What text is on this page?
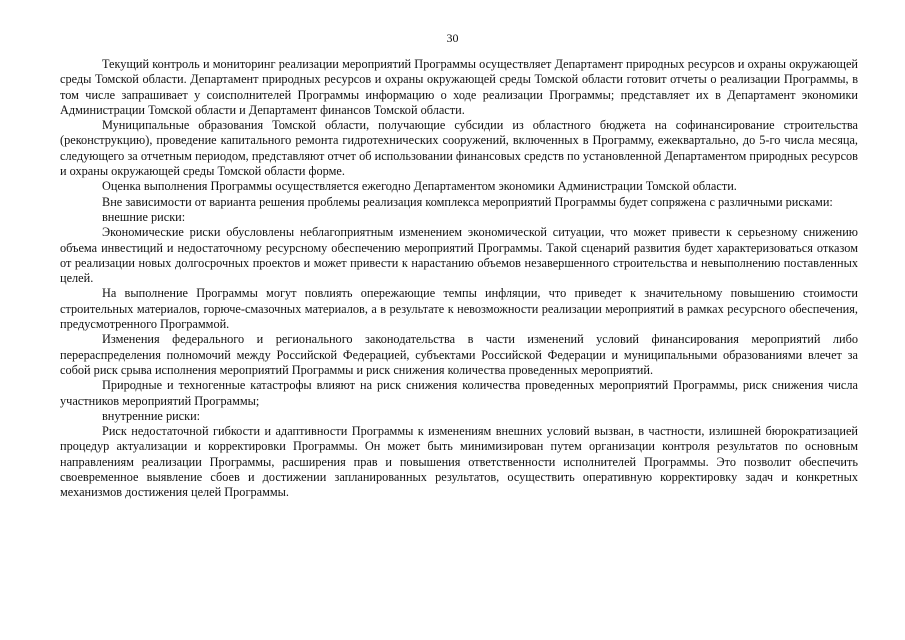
30

Текущий контроль и мониторинг реализации мероприятий Программы осуществляет Департамент природных ресурсов и охраны окружающей среды Томской области. Департамент природных ресурсов и охраны окружающей среды Томской области готовит отчеты о реализации Программы, в том числе запрашивает у соисполнителей Программы информацию о ходе реализации Программы; представляет их в Департамент экономики Администрации Томской области и Департамент финансов Томской области.

Муниципальные образования Томской области, получающие субсидии из областного бюджета на софинансирование строительства (реконструкцию), проведение капитального ремонта гидротехнических сооружений, включенных в Программу, ежеквартально, до 5-го числа месяца, следующего за отчетным периодом, представляют отчет об использовании финансовых средств по установленной Департаментом природных ресурсов и охраны окружающей среды Томской области форме.

Оценка выполнения Программы осуществляется ежегодно Департаментом экономики Администрации Томской области.

Вне зависимости от варианта решения проблемы реализация комплекса мероприятий Программы будет сопряжена с различными рисками:

внешние риски:

Экономические риски обусловлены неблагоприятным изменением экономической ситуации, что может привести к серьезному снижению объема инвестиций и недостаточному ресурсному обеспечению мероприятий Программы. Такой сценарий развития будет характеризоваться отказом от реализации новых долгосрочных проектов и может привести к нарастанию объемов незавершенного строительства и невыполнению поставленных целей.

На выполнение Программы могут повлиять опережающие темпы инфляции, что приведет к значительному повышению стоимости строительных материалов, горюче-смазочных материалов, а в результате к невозможности реализации мероприятий в рамках ресурсного обеспечения, предусмотренного Программой.

Изменения федерального и регионального законодательства в части изменений условий финансирования мероприятий либо перераспределения полномочий между Российской Федерацией, субъектами Российской Федерации и муниципальными образованиями влечет за собой риск срыва исполнения мероприятий Программы и риск снижения количества проведенных мероприятий.

Природные и техногенные катастрофы влияют на риск снижения количества проведенных мероприятий Программы, риск снижения числа участников мероприятий Программы;

внутренние риски:

Риск недостаточной гибкости и адаптивности Программы к изменениям внешних условий вызван, в частности, излишней бюрократизацией процедур актуализации и корректировки Программы. Он может быть минимизирован путем организации контроля результатов по основным направлениям реализации Программы, расширения прав и повышения ответственности исполнителей Программы. Это позволит обеспечить своевременное выявление сбоев и достижении запланированных результатов, осуществить оперативную корректировку задач и конкретных механизмов достижения целей Программы.
